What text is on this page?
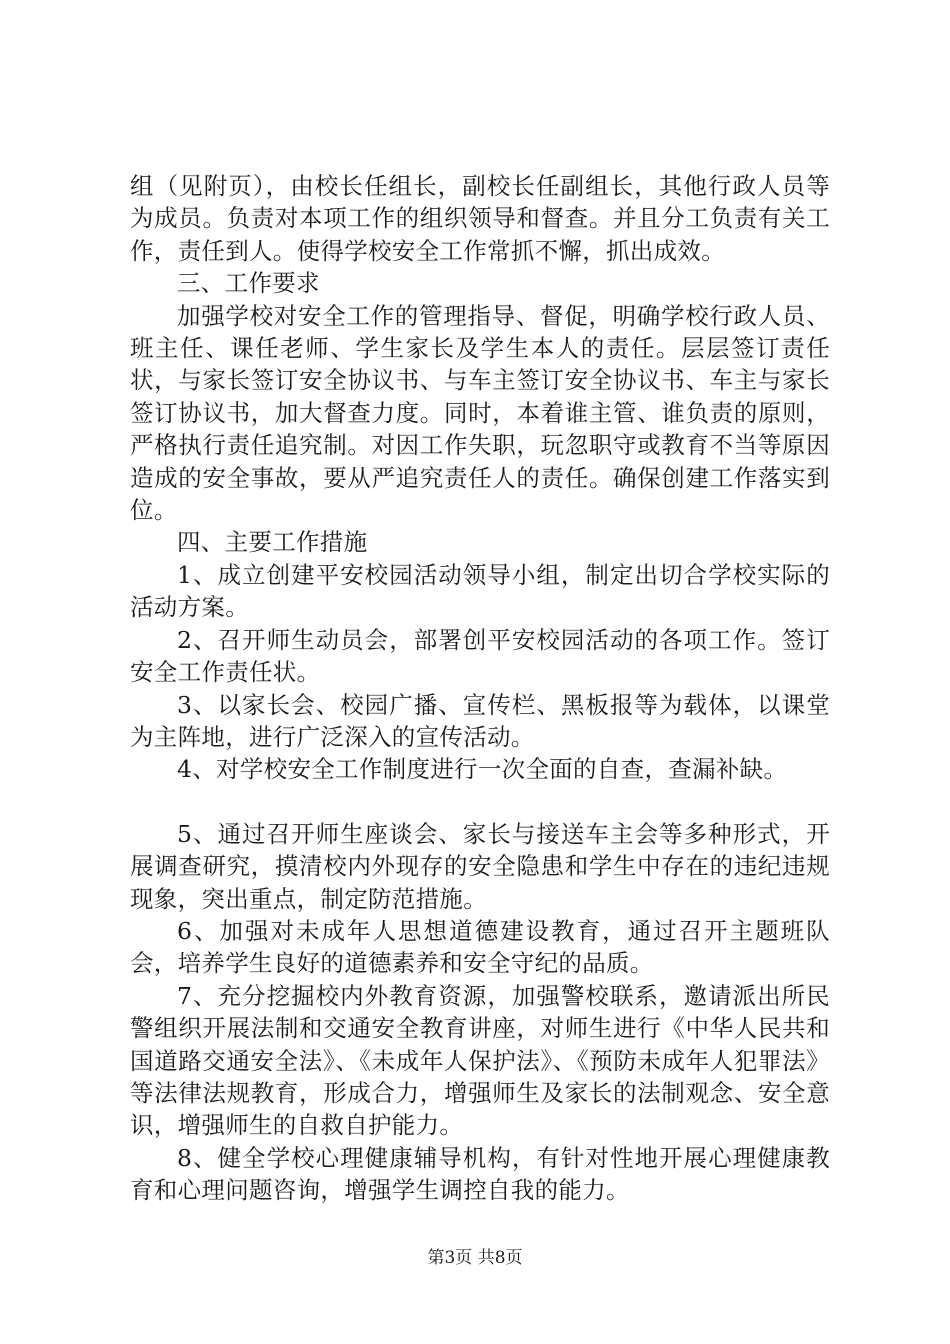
组（见附页），由校长任组长，副校长任副组长，其他行政人员等为成员。负责对本项工作的组织领导和督查。并且分工负责有关工作，责任到人。使得学校安全工作常抓不懈，抓出成效。

三、工作要求

加强学校对安全工作的管理指导、督促，明确学校行政人员、班主任、课任老师、学生家长及学生本人的责任。层层签订责任状，与家长签订安全协议书、与车主签订安全协议书、车主与家长签订协议书，加大督查力度。同时，本着谁主管、谁负责的原则，严格执行责任追究制。对因工作失职，玩忽职守或教育不当等原因造成的安全事故，要从严追究责任人的责任。确保创建工作落实到位。

四、主要工作措施

1、成立创建平安校园活动领导小组，制定出切合学校实际的活动方案。

2、召开师生动员会，部署创平安校园活动的各项工作。签订安全工作责任状。

3、以家长会、校园广播、宣传栏、黑板报等为载体，以课堂为主阵地，进行广泛深入的宣传活动。

4、对学校安全工作制度进行一次全面的自查，查漏补缺。

5、通过召开师生座谈会、家长与接送车主会等多种形式，开展调查研究，摸清校内外现存的安全隐患和学生中存在的违纪违规现象，突出重点，制定防范措施。

6、加强对未成年人思想道德建设教育，通过召开主题班队会，培养学生良好的道德素养和安全守纪的品质。

7、充分挖掘校内外教育资源，加强警校联系，邀请派出所民警组织开展法制和交通安全教育讲座，对师生进行《中华人民共和国道路交通安全法》、《未成年人保护法》、《预防未成年人犯罪法》等法律法规教育，形成合力，增强师生及家长的法制观念、安全意识，增强师生的自救自护能力。

8、健全学校心理健康辅导机构，有针对性地开展心理健康教育和心理问题咨询，增强学生调控自我的能力。

第3页 共8页
